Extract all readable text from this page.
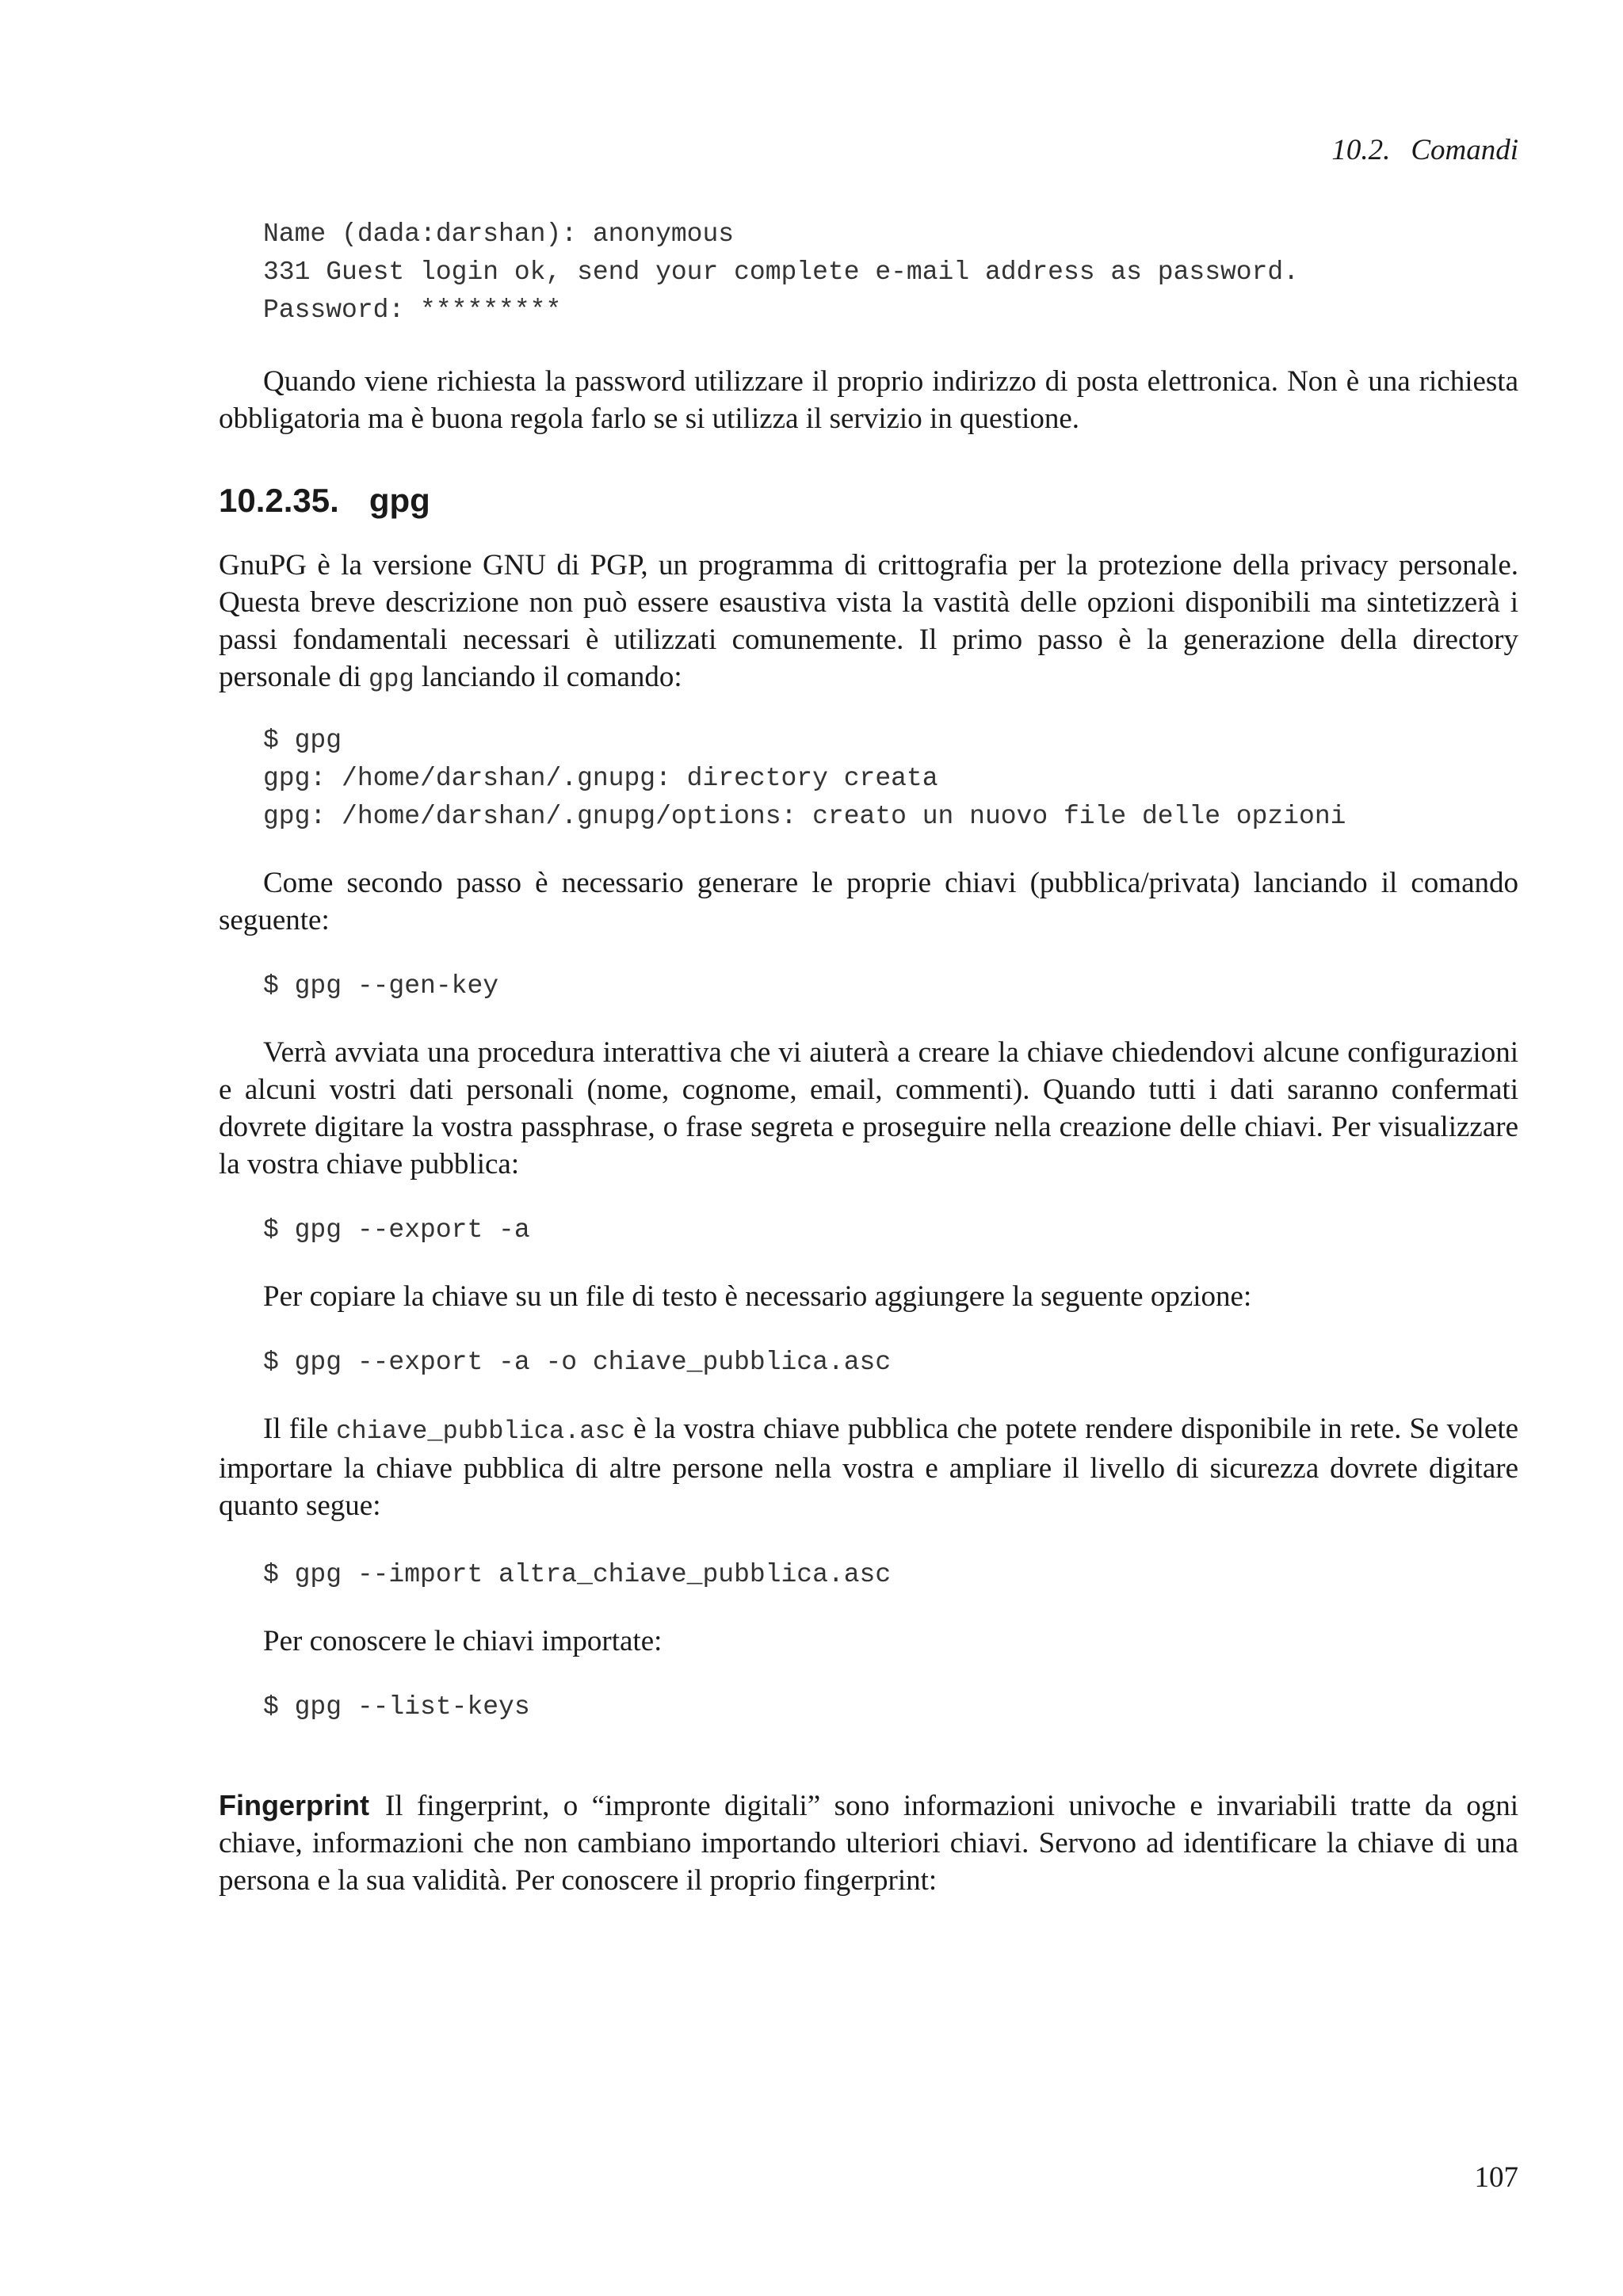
10.2. Comandi
Name (dada:darshan): anonymous
331 Guest login ok, send your complete e-mail address as password.
Password: *********

Quando viene richiesta la password utilizzare il proprio indirizzo di posta elettronica. Non è una richiesta obbligatoria ma è buona regola farlo se si utilizza il servizio in questione.

10.2.35. gpg

GnuPG è la versione GNU di PGP, un programma di crittografia per la protezione della privacy personale. Questa breve descrizione non può essere esaustiva vista la vastità delle opzioni disponibili ma sintetizzerà i passi fondamentali necessari è utilizzati comunemente. Il primo passo è la generazione della directory personale di gpg lanciando il comando:

$ gpg
gpg: /home/darshan/.gnupg: directory creata
gpg: /home/darshan/.gnupg/options: creato un nuovo file delle opzioni

Come secondo passo è necessario generare le proprie chiavi (pubblica/privata) lanciando il comando seguente:

$ gpg --gen-key

Verrà avviata una procedura interattiva che vi aiuterà a creare la chiave chiedendovi alcune configurazioni e alcuni vostri dati personali (nome, cognome, email, commenti). Quando tutti i dati saranno confermati dovrete digitare la vostra passphrase, o frase segreta e proseguire nella creazione delle chiavi. Per visualizzare la vostra chiave pubblica:

$ gpg --export -a

Per copiare la chiave su un file di testo è necessario aggiungere la seguente opzione:

$ gpg --export -a -o chiave_pubblica.asc

Il file chiave_pubblica.asc è la vostra chiave pubblica che potete rendere disponibile in rete. Se volete importare la chiave pubblica di altre persone nella vostra e ampliare il livello di sicurezza dovrete digitare quanto segue:

$ gpg --import altra_chiave_pubblica.asc

Per conoscere le chiavi importate:

$ gpg --list-keys

Fingerprint Il fingerprint, o “impronte digitali” sono informazioni univoche e invariabili tratte da ogni chiave, informazioni che non cambiano importando ulteriori chiavi. Servono ad identificare la chiave di una persona e la sua validità. Per conoscere il proprio fingerprint:

107
